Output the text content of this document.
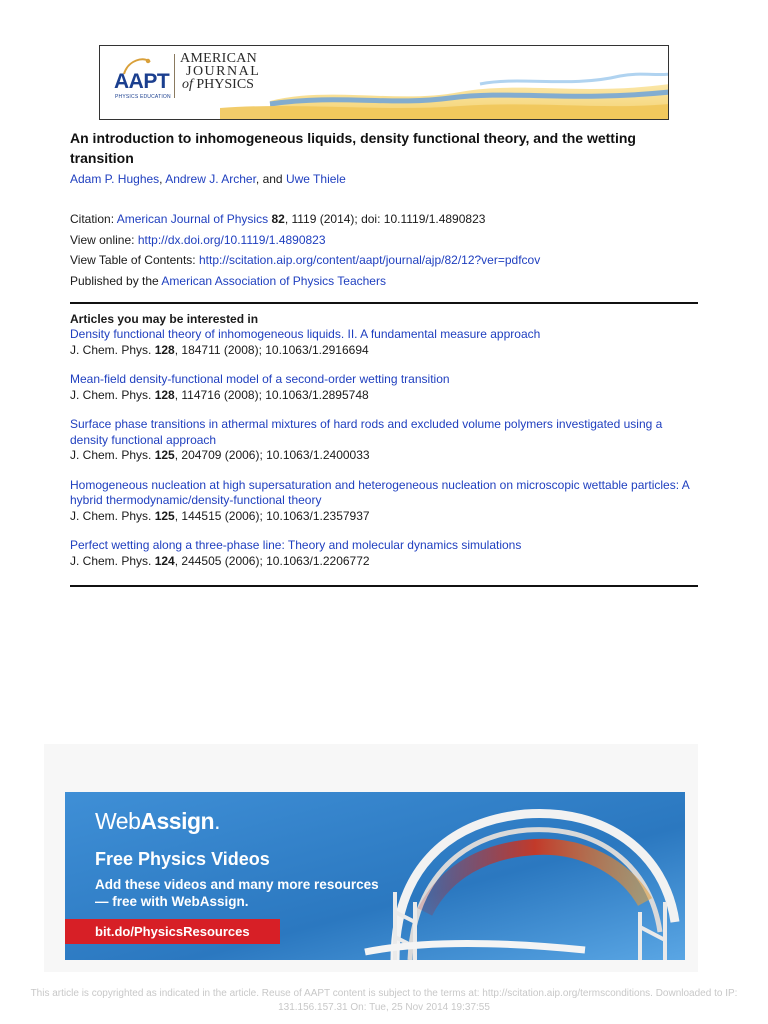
AAPT
PHYSICS EDUCATION
AMERICAN
JOURNAL
of PHYSICS
An introduction to inhomogeneous liquids, density functional theory, and the wetting transition
Adam P. Hughes, Andrew J. Archer, and Uwe Thiele
Citation: American Journal of Physics 82, 1119 (2014); doi: 10.1119/1.4890823
View online: http://dx.doi.org/10.1119/1.4890823
View Table of Contents: http://scitation.aip.org/content/aapt/journal/ajp/82/12?ver=pdfcov
Published by the American Association of Physics Teachers
Articles you may be interested in
Density functional theory of inhomogeneous liquids. II. A fundamental measure approach
J. Chem. Phys. 128, 184711 (2008); 10.1063/1.2916694
Mean-field density-functional model of a second-order wetting transition
J. Chem. Phys. 128, 114716 (2008); 10.1063/1.2895748
Surface phase transitions in athermal mixtures of hard rods and excluded volume polymers investigated using a density functional approach
J. Chem. Phys. 125, 204709 (2006); 10.1063/1.2400033
Homogeneous nucleation at high supersaturation and heterogeneous nucleation on microscopic wettable particles: A hybrid thermodynamic/density-functional theory
J. Chem. Phys. 125, 144515 (2006); 10.1063/1.2357937
Perfect wetting along a three-phase line: Theory and molecular dynamics simulations
J. Chem. Phys. 124, 244505 (2006); 10.1063/1.2206772
WebAssign.
Free Physics Videos
Add these videos and many more resources — free with WebAssign.
bit.do/PhysicsResources
This article is copyrighted as indicated in the article. Reuse of AAPT content is subject to the terms at: http://scitation.aip.org/termsconditions. Downloaded to IP:
131.156.157.31 On: Tue, 25 Nov 2014 19:37:55
